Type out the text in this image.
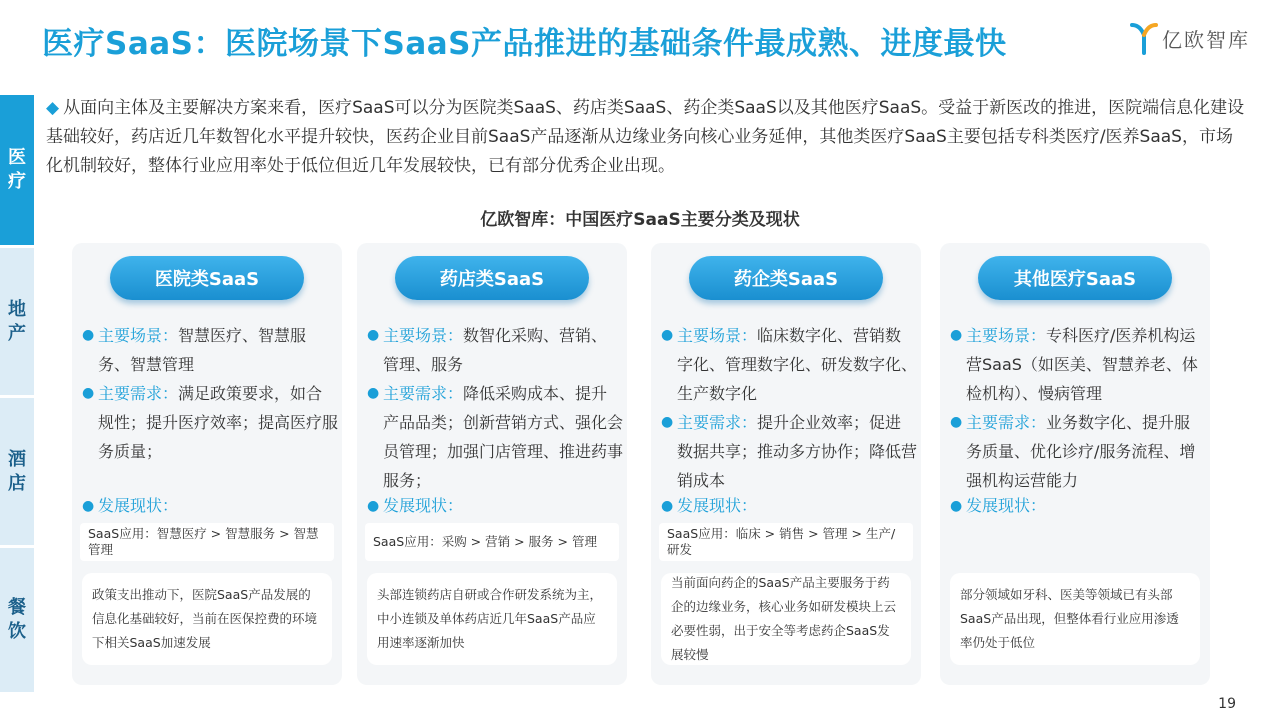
医疗SaaS：医院场景下SaaS产品推进的基础条件最成熟、进度最快	亿欧智库
医
疗
地
产
酒
店
餐
饮
◆ 从面向主体及主要解决方案来看，医疗SaaS可以分为医院类SaaS、药店类SaaS、药企类SaaS以及其他医疗SaaS。受益于新医改的推进，医院端信息化建设基础较好，药店近几年数智化水平提升较快，医药企业目前SaaS产品逐渐从边缘业务向核心业务延伸，其他类医疗SaaS主要包括专科类医疗/医养SaaS，市场化机制较好，整体行业应用率处于低位但近几年发展较快，已有部分优秀企业出现。
亿欧智库：中国医疗SaaS主要分类及现状
医院类SaaS
● 主要场景：智慧医疗、智慧服务、智慧管理
● 主要需求：满足政策要求，如合规性；提升医疗效率；提高医疗服务质量；
● 发展现状：
SaaS应用：智慧医疗 > 智慧服务 > 智慧管理
政策支出推动下，医院SaaS产品发展的信息化基础较好，当前在医保控费的环境下相关SaaS加速发展
药店类SaaS
● 主要场景：数智化采购、营销、管理、服务
● 主要需求：降低采购成本、提升产品品类；创新营销方式、强化会员管理；加强门店管理、推进药事服务；
● 发展现状：
SaaS应用：采购 > 营销 > 服务 > 管理
头部连锁药店自研或合作研发系统为主，中小连锁及单体药店近几年SaaS产品应用速率逐渐加快
药企类SaaS
● 主要场景：临床数字化、营销数字化、管理数字化、研发数字化、生产数字化
● 主要需求：提升企业效率；促进数据共享；推动多方协作；降低营销成本
● 发展现状：
SaaS应用：临床 > 销售 > 管理 > 生产/研发
当前面向药企的SaaS产品主要服务于药企的边缘业务，核心业务如研发模块上云必要性弱，出于安全等考虑药企SaaS发展较慢
其他医疗SaaS
● 主要场景：专科医疗/医养机构运营SaaS（如医美、智慧养老、体检机构）、慢病管理
● 主要需求：业务数字化、提升服务质量、优化诊疗/服务流程、增强机构运营能力
● 发展现状：
部分领域如牙科、医美等领域已有头部SaaS产品出现，但整体看行业应用渗透率仍处于低位
19
